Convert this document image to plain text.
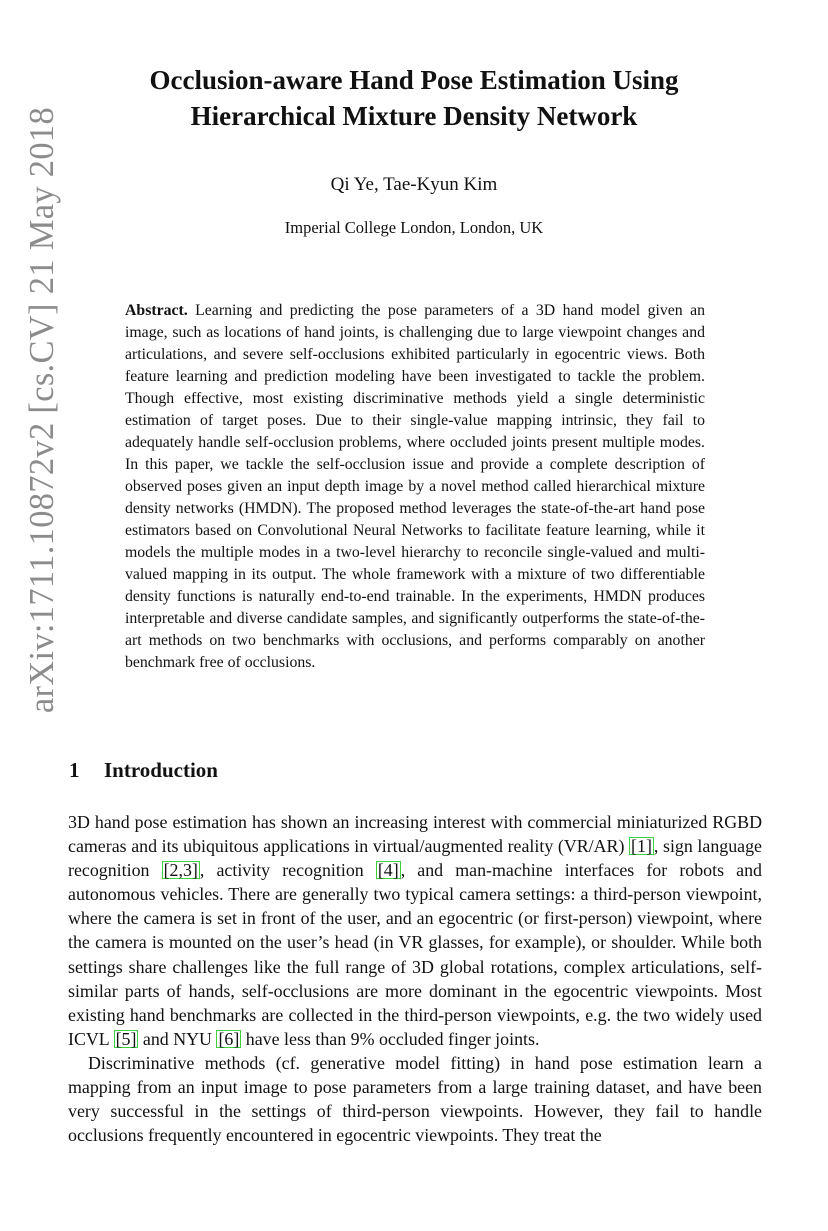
arXiv:1711.10872v2 [cs.CV] 21 May 2018
Occlusion-aware Hand Pose Estimation Using
Hierarchical Mixture Density Network
Qi Ye, Tae-Kyun Kim
Imperial College London, London, UK
Abstract. Learning and predicting the pose parameters of a 3D hand model given an image, such as locations of hand joints, is challenging due to large viewpoint changes and articulations, and severe self-occlusions exhibited particularly in egocentric views. Both feature learning and prediction modeling have been investigated to tackle the problem. Though effective, most existing discriminative methods yield a single deterministic estimation of target poses. Due to their single-value mapping intrinsic, they fail to adequately handle self-occlusion problems, where occluded joints present multiple modes. In this paper, we tackle the self-occlusion issue and provide a complete description of observed poses given an input depth image by a novel method called hierarchical mixture density networks (HMDN). The proposed method leverages the state-of-the-art hand pose estimators based on Convolutional Neural Networks to facilitate feature learning, while it models the multiple modes in a two-level hierarchy to reconcile single-valued and multi-valued mapping in its output. The whole framework with a mixture of two differentiable density functions is naturally end-to-end trainable. In the experiments, HMDN produces interpretable and diverse candidate samples, and significantly outperforms the state-of-the-art methods on two benchmarks with occlusions, and performs comparably on another benchmark free of occlusions.
1 Introduction

3D hand pose estimation has shown an increasing interest with commercial miniaturized RGBD cameras and its ubiquitous applications in virtual/augmented reality (VR/AR) [1] , sign language recognition [2,3] , activity recognition [4] , and man-machine interfaces for robots and autonomous vehicles. There are generally two typical camera settings: a third-person viewpoint, where the camera is set in front of the user, and an egocentric (or first-person) viewpoint, where the camera is mounted on the user’s head (in VR glasses, for example), or shoulder. While both settings share challenges like the full range of 3D global rotations, complex articulations, self-similar parts of hands, self-occlusions are more dominant in the egocentric viewpoints. Most existing hand benchmarks are collected in the third-person viewpoints, e.g. the two widely used ICVL [5] and NYU [6] have less than 9% occluded finger joints.

Discriminative methods (cf. generative model fitting) in hand pose estimation learn a mapping from an input image to pose parameters from a large training dataset, and have been very successful in the settings of third-person viewpoints. However, they fail to handle occlusions frequently encountered in egocentric viewpoints. They treat the
